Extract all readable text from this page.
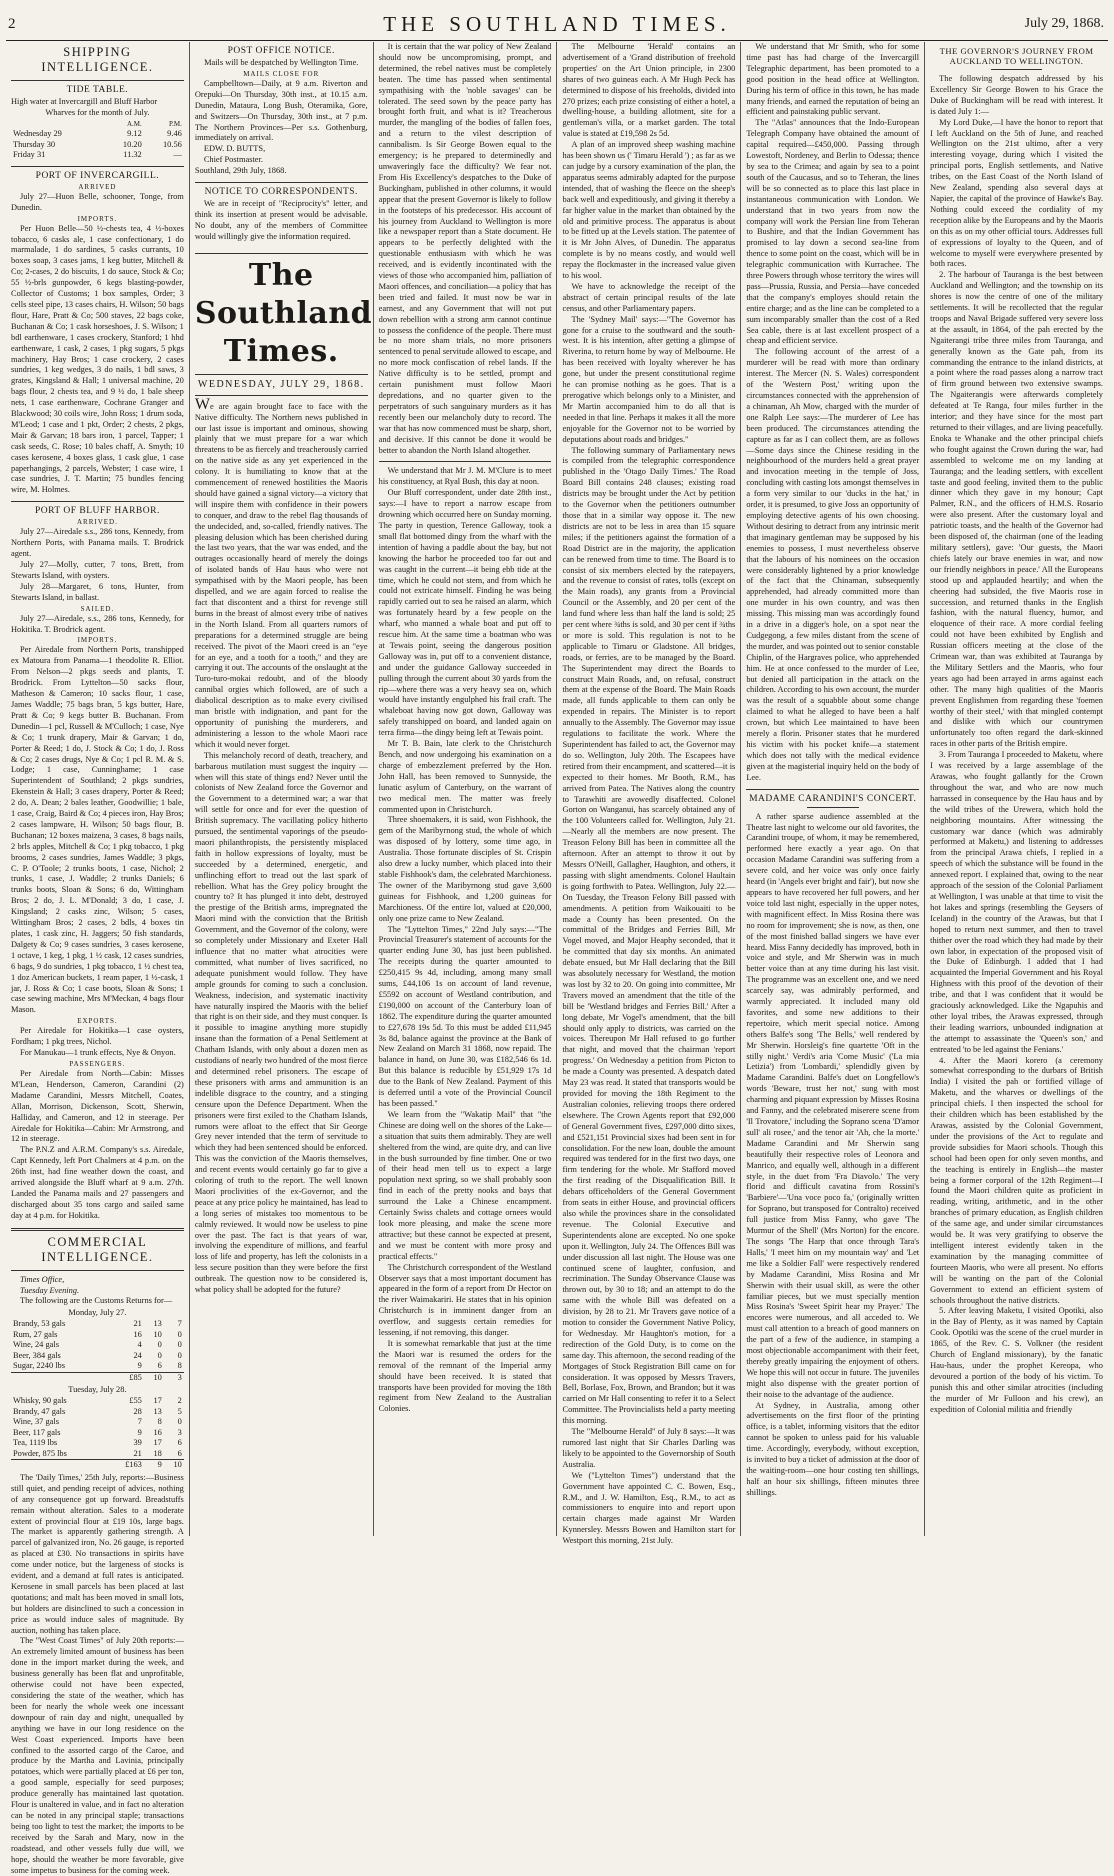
2	THE SOUTHLAND TIMES.	July 29, 1868.
SHIPPING INTELLIGENCE.
TIDE TABLE.

High water at Invercargill and Bluff Harbor

Wharves for the month of July.

	A.M.	P.M.
Wednesday 29	9.12	9.46
Thursday 30	10.20	10.56
Friday 31	11.32	—
PORT OF INVERCARGILL.
ARRIVED

July 27—Huon Belle, schooner, Tonge, from Dunedin.

IMPORTS.

Per Huon Belle—50 ½-chests tea, 4 ½-boxes tobacco, 6 casks ale, 1 case confectionary, 1 do marmalade, 1 do sardines, 5 casks currants, 10 boxes soap, 3 cases jams, 1 keg butter, Mitchell & Co; 2-cases, 2 do biscuits, 1 do sauce, Stock & Co; 55 ½-brls gunpowder, 6 kegs blasting-powder, Collector of Customs; 1 box samples, Order; 3 cells steel pipe, 13 cases chairs, H. Wilson; 50 bags flour, Hare, Pratt & Co; 500 staves, 22 bags coke, Buchanan & Co; 1 cask horseshoes, J. S. Wilson; 1 bdl earthenware, 1 cases crockery, Stanford; 1 hhd earthenware, 1 cask, 2 cases, 1 pkg sugars, 5 pkgs machinery, Hay Bros; 1 case crockery, 2 cases sundries, 1 keg wedges, 3 do nails, 1 bdl saws, 3 grates, Kingsland & Hall; 1 universal machine, 20 bags flour, 2 chests tea, and 9 ½ do, 1 bale sheep nets, 1 case earthenware, Cochrane Granger and Blackwood; 30 coils wire, John Ross; 1 drum soda, M'Leod; 1 case and 1 pkt, Order; 2 chests, 2 pkgs, Mair & Garvan; 18 bars iron, 1 parcel, Tapper; 1 cask seeds, C. Rose; 10 bales chaff, A. Smyth; 10 cases kerosene, 4 boxes glass, 1 cask glue, 1 case paperhangings, 2 parcels, Webster; 1 case wire, 1 case sundries, J. T. Martin; 75 bundles fencing wire, M. Holmes.

PORT OF BLUFF HARBOR.
ARRIVED.

July 27—Airedale s.s., 286 tons, Kennedy, from Northern Ports, with Panama mails. T. Brodrick agent.

July 27—Molly, cutter, 7 tons, Brett, from Stewarts Island, with oysters.

July 28—Margaret, 6 tons, Hunter, from Stewarts Island, in ballast.

SAILED.

July 27—Airedale, s.s., 286 tons, Kennedy, for Hokitika. T. Brodrick agent.

IMPORTS.

Per Airedale from Northern Ports, transhipped ex Matoura from Panama—1 theodolite R. Elliot. From Nelson—2 pkgs seeds and plants, T. Brodrick. From Lyttelton—50 sacks flour, Matheson & Cameron; 10 sacks flour, 1 case, James Waddle; 75 bags bran, 5 kgs butter, Hare, Pratt & Co; 9 kegs butter B. Buchanan. From Dunedin—1 pcl, Russell & M'Culloch; 1 case, Nye & Co; 1 trunk drapery, Mair & Garvan; 1 do, Porter & Reed; 1 do, J. Stock & Co; 1 do, J. Ross & Co; 2 cases drugs, Nye & Co; 1 pcl R. M. & S. Lodge; 1 case, Cunninghame; 1 case Superintendent of Southland; 2 pkgs sundries, Ekenstein & Hall; 3 cases drapery, Porter & Reed; 2 do, A. Dean; 2 bales leather, Goodwillie; 1 bale, 1 case, Craig, Baird & Co; 4 pieces iron, Hay Bros; 2 cases lampware, H. Wilson; 50 bags flour, B. Buchanan; 12 boxes maizena, 3 cases, 8 bags nails, 2 brls apples, Mitchell & Co; 1 pkg tobacco, 1 pkg brooms, 2 cases sundries, James Waddle; 3 pkgs, C. P. O'Toole; 2 trunks boots, 1 case, Nichol; 2 trunks, 1 case, J. Waddle; 2 trunks Daniels; 6 trunks boots, Sloan & Sons; 6 do, Wittingham Bros; 2 do, J. L. M'Donald; 3 do, 1 case, J. Kingsland; 2 casks zinc, Wilson; 5 cases, Wittingham Bros; 2 cases, 2 bdls, 4 boxes tin plates, 1 cask zinc, H. Jaggers; 50 fish standards, Dalgety & Co; 9 cases sundries, 3 cases kerosene, 1 octave, 1 keg, 1 pkg, 1 ½ cask, 12 cases sundries, 6 bags, 9 do sundries, 1 pkg tobacco, 1 ½ chest tea, 1 doz American buckets, 1 ream paper, 1 ½-cask, 1 jar, J. Ross & Co; 1 case boots, Sloan & Sons; 1 case sewing machine, Mrs M'Meckan, 4 bags flour Mason.

EXPORTS.

Per Airedale for Hokitika—1 case oysters, Fordham; 1 pkg trees, Nichol.

For Manukau—1 trunk effects, Nye & Onyon.

PASSENGERS.

Per Airedale from North—Cabin: Misses M'Lean, Henderson, Cameron, Carandini (2) Madame Carandini, Messrs Mitchell, Coates, Allan, Morrison, Dickenson, Scott, Sherwin, Halliday, and Cameron, and 12 in steerage. Per Airedale for Hokitika—Cabin: Mr Armstrong, and 12 in steerage.

The P.N.Z and A.R.M. Company's s.s. Airedale, Capt Kennedy, left Port Chalmers at 4 p.m. on the 26th inst, had fine weather down the coast, and arrived alongside the Bluff wharf at 9 a.m. 27th. Landed the Panama mails and 27 passengers and discharged about 35 tons cargo and sailed same day at 4 p.m. for Hokitika.

COMMERCIAL INTELLIGENCE.

Times Office,

Tuesday Evening.

The following are the Customs Returns for—

Monday, July 27.
Brandy, 53 gals	21	13	7
Rum, 27 gals	16	10	0
Wine, 24 gals	4	0	0
Beer, 384 gals	24	0	0
Sugar, 2240 lbs	9	6	8
	£85	10	3
Tuesday, July 28.
Whisky, 90 gals	£55	17	2
Brandy, 47 gals	28	13	5
Wine, 37 gals	7	8	0
Beer, 117 gals	9	16	3
Tea, 1119 lbs	39	17	6
Powder, 875 lbs	21	18	6
	£163	9	10

The 'Daily Times,' 25th July, reports:—Business still quiet, and pending receipt of advices, nothing of any consequence got up forward. Breadstuffs remain without alteration. Sales to a moderate extent of provincial flour at £19 10s, large bags. The market is apparently gathering strength. A parcel of galvanized iron, No. 26 gauge, is reported as placed at £30. No transactions in spirits have come under notice, but the largeness of stocks is evident, and a demand at full rates is anticipated. Kerosene in small parcels has been placed at last quotations; and malt has been moved in small lots, but holders are disinclined to such a concession in price as would induce sales of magnitude. By auction, nothing has taken place.

The "West Coast Times" of July 20th reports:—An extremely limited amount of business has been done in the import market during the week, and business generally has been flat and unprofitable, otherwise could not have been expected, considering the state of the weather, which has been for nearly the whole week one incessant downpour of rain day and night, unequalled by anything we have in our long residence on the West Coast experienced. Imports have been confined to the assorted cargo of the Caroe, and produce by the Martha and Lavinia, principally potatoes, which were partially placed at £6 per ton, a good sample, especially for seed purposes; produce generally has maintained last quotation. Flour is unaltered in value, and in fact no alteration can be noted in any principal staple; transactions being too light to test the market; the imports to be received by the Sarah and Mary, now in the roadstead, and other vessels fully due will, we hope, should the weather be more favorable, give some impetus to business for the coming week.

POST OFFICE NOTICE.

Mails will be despatched by Wellington Time.

MAILS CLOSE FOR

Campbelltown—Daily, at 9 a.m. Riverton and Orepuki—On Thursday, 30th inst., at 10.15 a.m. Dunedin, Mataura, Long Bush, Oteramika, Gore, and Switzers—On Thursday, 30th inst., at 7 p.m. The Northern Provinces—Per s.s. Gothenburg, immediately on arrival.

EDW. D. BUTTS,

Chief Postmaster.

Southland, 29th July, 1868.

NOTICE TO CORRESPONDENTS.

We are in receipt of "Reciprocity's" letter, and think its insertion at present would be advisable. No doubt, any of the members of Committee would willingly give the information required.

The Southland Times.
WEDNESDAY, JULY 29, 1868.

We are again brought face to face with the Native difficulty. The Northern news published in our last issue is important and ominous, showing plainly that we must prepare for a war which threatens to be as fiercely and treacherously carried on the native side as any yet experienced in the colony. It is humiliating to know that at the commencement of renewed hostilities the Maoris should have gained a signal victory—a victory that will inspire them with confidence in their powers to conquer, and draw to the rebel flag thousands of the undecided, and, so-called, friendly natives. The pleasing delusion which has been cherished during the last two years, that the war was ended, and the outrages occasionally heard of merely the doings of isolated bands of Hau haus who were not sympathised with by the Maori people, has been dispelled, and we are again forced to realise the fact that discontent and a thirst for revenge still burns in the breast of almost every tribe of natives in the North Island. From all quarters rumors of preparations for a determined struggle are being received. The pivot of the Maori creed is an "eye for an eye, and a tooth for a tooth," and they are carrying it out. The accounts of the onslaught at the Turo-turo-mokai redoubt, and of the bloody cannibal orgies which followed, are of such a diabolical description as to make every civilised man bristle with indignation, and pant for the opportunity of punishing the murderers, and administering a lesson to the whole Maori race which it would never forget.

This melancholy record of death, treachery, and barbarous mutilation must suggest the inquiry —when will this state of things end? Never until the colonists of New Zealand force the Governor and the Government to a determined war; a war that will settle for once and for ever the question of British supremacy. The vacillating policy hitherto pursued, the sentimental vaporings of the pseudo-maori philanthropists, the persistently misplaced faith in hollow expressions of loyalty, must be succeeded by a determined, energetic, and unflinching effort to tread out the last spark of rebellion. What has the Grey policy brought the country to? It has plunged it into debt, destroyed the prestige of the British arms, impregnated the Maori mind with the conviction that the British Government, and the Governor of the colony, were so completely under Missionary and Exeter Hall influence that no matter what atrocities were committed, what number of lives sacrificed, no adequate punishment would follow. They have ample grounds for coming to such a conclusion. Weakness, indecision, and systematic inactivity have naturally inspired the Maoris with the belief that right is on their side, and they must conquer. Is it possible to imagine anything more stupidly insane than the formation of a Penal Settlement at Chatham Islands, with only about a dozen men as custodians of nearly two hundred of the most fierce and determined rebel prisoners. The escape of these prisoners with arms and ammunition is an indelible disgrace to the country, and a stinging censure upon the Defence Department. When the prisoners were first exiled to the Chatham Islands, rumors were afloat to the effect that Sir George Grey never intended that the term of servitude to which they had been sentenced should be enforced. This was the conviction of the Maoris themselves, and recent events would certainly go far to give a coloring of truth to the report. The well known Maori proclivities of the ex-Governor, and the peace at any price policy he maintained, has lead to a long series of mistakes too momentous to be calmly reviewed. It would now be useless to pine over the past. The fact is that years of war, involving the expenditure of millions, and fearful loss of life and property, has left the colonists in a less secure position than they were before the first outbreak. The question now to be considered is, what policy shall be adopted for the future?

It is certain that the war policy of New Zealand should now be uncompromising, prompt, and determined, the rebel natives must be completely beaten. The time has passed when sentimental sympathising with the 'noble savages' can be tolerated. The seed sown by the peace party has brought forth fruit, and what is it? Treacherous murder, the mangling of the bodies of fallen foes, and a return to the vilest description of cannibalism. Is Sir George Bowen equal to the emergency; is he prepared to determinedly and unwaveringly face the difficulty? We fear not. From His Excellency's despatches to the Duke of Buckingham, published in other columns, it would appear that the present Governor is likely to follow in the footsteps of his predecessor. His account of his journey from Auckland to Wellington is more like a newspaper report than a State document. He appears to be perfectly delighted with the questionable enthusiasm with which he was received, and is evidently incontinated with the views of those who accompanied him, palliation of Maori offences, and conciliation—a policy that has been tried and failed. It must now be war in earnest, and any Government that will not put down rebellion with a strong arm cannot continue to possess the confidence of the people. There must be no more sham trials, no more prisoners sentenced to penal servitude allowed to escape, and no more mock confiscation of rebel lands. If the Native difficulty is to be settled, prompt and certain punishment must follow Maori depredations, and no quarter given to the perpetrators of such sanguinary murders as it has recently been our melancholy duty to record. The war that has now commenced must be sharp, short, and decisive. If this cannot be done it would be better to abandon the North Island altogether.

We understand that Mr J. M. M'Clure is to meet his constituency, at Ryal Bush, this day at noon.

Our Bluff correspondent, under date 28th inst., says:—I have to report a narrow escape from drowning which occurred here on Sunday morning. The party in question, Terence Galloway, took a small flat bottomed dingy from the wharf with the intention of having a paddle about the bay, but not knowing the harbor he proceeded too far out and was caught in the current—it being ebb tide at the time, which he could not stem, and from which he could not extricate himself. Finding he was being rapidly carried out to sea he raised an alarm, which was fortunately heard by a few people on the wharf, who manned a whale boat and put off to rescue him. At the same time a boatman who was at Tewais point, seeing the dangerous position Galloway was in, put off to a convenient distance, and under the guidance Galloway succeeded in pulling through the current about 30 yards from the rip—where there was a very heavy sea on, which would have instantly engulphed his frail craft. The whaleboat having now got down, Galloway was safely transhipped on board, and landed again on terra firma—the dingy being left at Tewais point.

Mr T. B. Bain, late clerk to the Christchurch Bench, and now undergoing his examination on a charge of embezzlement preferred by the Hon. John Hall, has been removed to Sunnyside, the lunatic asylum of Canterbury, on the warrant of two medical men. The matter was freely commented upon in Christchurch.

Three shoemakers, it is said, won Fishhook, the gem of the Maribyrnong stud, the whole of which was disposed of by lottery, some time ago, in Australia. Those fortunate disciples of St. Crispin also drew a lucky number, which placed into their stable Fishhook's dam, the celebrated Marchioness. The owner of the Maribyrnong stud gave 3,600 guineas for Fishhook, and 1,200 guineas for Marchioness. Of the entire lot, valued at £20,000, only one prize came to New Zealand.

The "Lyttelton Times," 22nd July says:—"The Provincial Treasurer's statement of accounts for the quarter ending June 30, has just been published. The receipts during the quarter amounted to £250,415 9s 4d, including, among many small sums, £44,106 1s on account of land revenue, £5592 on account of Westland contribution, and £190,000 on account of the Canterbury loan of 1862. The expenditure during the quarter amounted to £27,678 19s 5d. To this must be added £11,945 3s 8d, balance against the province at the Bank of New Zealand on March 31 1868, now repaid. The balance in hand, on June 30, was £182,546 6s 1d. But this balance is reducible by £51,929 17s 1d due to the Bank of New Zealand. Payment of this is deferred until a vote of the Provincial Council has been passed."

We learn from the "Wakatip Mail" that "the Chinese are doing well on the shores of the Lake—a situation that suits them admirably. They are well sheltered from the wind, are quite dry, and can live in the bush surrounded by fine timber. One or two of their head men tell us to expect a large population next spring, so we shall probably soon find in each of the pretty nooks and bays that surround the Lake a Chinese encampment. Certainly Swiss chalets and cottage ornees would look more pleasing, and make the scene more attractive; but these cannot be expected at present, and we must be content with more prosy and practical effects."

The Christchurch correspondent of the Westland Observer says that a most important document has appeared in the form of a report from Dr Hector on the river Waimakariri. He states that in his opinion Christchurch is in imminent danger from an overflow, and suggests certain remedies for lessening, if not removing, this danger.

It is somewhat remarkable that just at the time the Maori war is resumed the orders for the removal of the remnant of the Imperial army should have been received. It is stated that transports have been provided for moving the 18th regiment from New Zealand to the Australian Colonies.

The Melbourne 'Herald' contains an advertisement of a 'Grand distribution of freehold properties' on the Art Union principle, in 2300 shares of two guineas each. A Mr Hugh Peck has determined to dispose of his freeholds, divided into 270 prizes; each prize consisting of either a hotel, a dwelling-house, a building allotment, site for a gentleman's villa, or a market garden. The total value is stated at £19,598 2s 5d.

A plan of an improved sheep washing machine has been shown us (' Timaru Herald ') ; as far as we can judge by a cursory examination of the plan, the apparatus seems admirably adapted for the purpose intended, that of washing the fleece on the sheep's back well and expeditiously, and giving it thereby a far higher value in the market than obtained by the old and primitive process. The apparatus is about to be fitted up at the Levels station. The patentee of it is Mr John Alves, of Dunedin. The apparatus complete is by no means costly, and would well repay the flockmaster in the increased value given to his wool.

We have to acknowledge the receipt of the abstract of certain principal results of the late census, and other Parliamentary papers.

The 'Sydney Mail' says:—"The Governor has gone for a cruise to the southward and the south-west. It is his intention, after getting a glimpse of Riverina, to return home by way of Melbourne. He has been received with loyalty wherever he has gone, but under the present constitutional regime he can promise nothing as he goes. That is a prerogative which belongs only to a Minister, and Mr Martin accompanied him to do all that is needed in that line. Perhaps it makes it all the more enjoyable for the Governor not to be worried by deputations about roads and bridges."

The following summary of Parliamentary news is compiled from the telegraphic correspondence published in the 'Otago Daily Times.' The Road Board Bill contains 248 clauses; existing road districts may be brought under the Act by petition to the Governor when the petitioners outnumber those that in a similar way oppose it. The new districts are not to be less in area than 15 square miles; if the petitioners against the formation of a Road District are in the majority, the application can be renewed from time to time. The Board is to consist of six members elected by the ratepayers, and the revenue to consist of rates, tolls (except on the Main roads), any grants from a Provincial Council or the Assembly, and 20 per cent of the land fund where less than half the land is sold; 25 per cent where ¾ths is sold, and 30 per cent if ¾ths or more is sold. This regulation is not to be applicable to Timaru or Gladstone. All bridges, roads, or ferries, are to be managed by the Board. The Superintendent may direct the Boards to construct Main Roads, and, on refusal, construct them at the expense of the Board. The Main Roads made, all funds applicable to them can only be expended in repairs. The Minister is to report annually to the Assembly. The Governor may issue regulations to facilitate the work. Where the Superintendent has failed to act, the Governor may do so. Wellington, July 20th. The Escapees have retired from their encampment, and scattered—it is expected to their homes. Mr Booth, R.M., has arrived from Patea. The Natives along the country to Tarawhiti are avowedly disaffected. Colonel Gorton on Wanganui, has scarcely obtained any of the 100 Volunteers called for. Wellington, July 21.—Nearly all the members are now present. The Treason Felony Bill has been in committee all the afternoon. After an attempt to throw it out by Messrs O'Neill, Gallagher, Haughton, and others, it passing with slight amendments. Colonel Haultain is going forthwith to Patea. Wellington, July 22.—On Tuesday, the Treason Felony Bill passed with amendments. A petition from Waikouaiti to be made a County has been presented. On the committal of the Bridges and Ferries Bill, Mr Vogel moved, and Major Heaphy seconded, that it be committed that day six months. An animated debate ensued, but Mr Hall declaring that the Bill was absolutely necessary for Westland, the motion was lost by 32 to 20. On going into committee, Mr Travers moved an amendment that the title of the bill be 'Westland bridges and Ferries Bill.' After a long debate, Mr Vogel's amendment, that the bill should only apply to districts, was carried on the voices. Thereupon Mr Hall refused to go further that night, and moved that the chairman 'report progress.' On Wednesday a petition from Picton to be made a County was presented. A despatch dated May 23 was read. It stated that transports would be provided for moving the 18th Regiment to the Australian colonies, relieving troops there ordered elsewhere. The Crown Agents report that £92,000 of General Government fives, £297,000 ditto sixes, and £521,151 Provincial sixes had been sent in for consolidation. For the new loan, double the amount required was tendered for in the first two days, one firm tendering for the whole. Mr Stafford moved the first reading of the Disqualification Bill. It debars officeholders of the General Government from seats in either House, and provincial officers also while the provinces share in the consolidated revenue. The Colonial Executive and Superintendents alone are excepted. No one spoke upon it. Wellington, July 24. The Offences Bill was under discussion all last night. The House was one continued scene of laughter, confusion, and recrimination. The Sunday Observance Clause was thrown out, by 30 to 18; and an attempt to do the same with the whole Bill was defeated on a division, by 28 to 21. Mr Travers gave notice of a motion to consider the Government Native Policy, for Wednesday. Mr Haughton's motion, for a redirection of the Gold Duty, is to come on the same day. This afternoon, the second reading of the Mortgages of Stock Registration Bill came on for consideration. It was opposed by Messrs Travers, Bell, Borlase, Fox, Brown, and Brandon; but it was carried on Mr Hall consenting to refer it to a Select Committee. The Provincialists held a party meeting this morning.

The "Melbourne Herald" of July 8 says:—It was rumored last night that Sir Charles Darling was likely to be appointed to the Governorship of South Australia.

We ("Lyttelton Times") understand that the Government have appointed C. C. Bowen, Esq., R.M., and J. W. Hamilton, Esq., R.M., to act as commissioners to enquire into and report upon certain charges made against Mr Warden Kynnersley. Messrs Bowen and Hamilton start for Westport this morning, 21st July.

We understand that Mr Smith, who for some time past has had charge of the Invercargill Telegraphic department, has been promoted to a good position in the head office at Wellington. During his term of office in this town, he has made many friends, and earned the reputation of being an efficient and painstaking public servant.

The "Atlas" announces that the Indo-European Telegraph Company have obtained the amount of capital required—£450,000. Passing through Lowestoft, Nordeney, and Berlin to Odessa; thence by sea to the Crimea; and again by sea to a point south of the Caucasus, and so to Teheran, the lines will be so connected as to place this last place in instantaneous communication with London. We understand that in two years from now the company will work the Persian line from Teheran to Bushire, and that the Indian Government has promised to lay down a second sea-line from thence to some point on the coast, which will be in telegraphic communication with Kurrachee. The three Powers through whose territory the wires will pass—Prussia, Russia, and Persia—have conceded that the company's employes should retain the entire charge; and as the line can be completed to a sum incomparably smaller than the cost of a Red Sea cable, there is at last excellent prospect of a cheap and efficient service.

The following account of the arrest of a murderer will be read with more than ordinary interest. The Mercer (N. S. Wales) correspondent of the 'Western Post,' writing upon the circumstances connected with the apprehension of a chinaman, Ah Mow, charged with the murder of one Ralph Lee says:—The murderer of Lee has been produced. The circumstances attending the capture as far as I can collect them, are as follows—Some days since the Chinese residing in the neighbourhood of the murders held a great prayer and invocation meeting in the temple of Joss, concluding with casting lots amongst themselves in a form very similar to our 'ducks in the hat,' in order, it is presumed, to give Joss an opportunity of employing detective agents of his own choosing. Without desiring to detract from any intrinsic merit that imaginary gentleman may be supposed by his enemies to possess, I must nevertheless observe that the labours of his nominees on the occasion were considerably lightened by a prior knowledge of the fact that the Chinaman, subsequently apprehended, had already committed more than one murder in his own country, and was then missing. This missing man was accordingly found in a drive in a digger's hole, on a spot near the Cudgegong, a few miles distant from the scene of the murder, and was pointed out to senior constable Chiplin, of the Hargraves police, who apprehended him. He at once confessed to the murder of Lee, but denied all participation in the attack on the children. According to his own account, the murder was the result of a squabble about some change claimed to what he alleged to have been a half crown, but which Lee maintained to have been merely a florin. Prisoner states that he murdered his victim with his pocket knife—a statement which does not tally with the medical evidence given at the magisterial inquiry held on the body of Lee.

MADAME CARANDINI'S CONCERT.

A rather sparse audience assembled at the Theatre last night to welcome our old favorites, the Carandini troupe, of whom, it may be remembered, performed here exactly a year ago. On that occasion Madame Carandini was suffering from a severe cold, and her voice was only once fairly heard (in 'Angels ever bright and fair'), but now she appears to have recovered her full powers, and her voice told last night, especially in the upper notes, with magnificent effect. In Miss Rosina there was no room for improvement; she is now, as then, one of the most finished ballad singers we have ever heard. Miss Fanny decidedly has improved, both in voice and style, and Mr Sherwin was in much better voice than at any time during his last visit. The programme was an excellent one, and we need scarcely say, was admirably performed, and warmly appreciated. It included many old favorites, and some new additions to their repertoire, which merit special notice. Among others Balfe's song 'The Bells,' well rendered by Mr Sherwin. Horsleig's fine quartette 'Oft in the stilly night.' Verdi's aria 'Come Music' ('La mia Letizia') from 'Lombardi,' splendidly given by Madame Carandini. Balfe's duet on Longfellow's words 'Beware, trust her not,' sung with most charming and piquant expression by Misses Rosina and Fanny, and the celebrated miserere scene from 'Il Trovatore,' including the Soprano scena 'D'amor sull' ali rosee,' and the tenor air 'Ah, che la morte.' Madame Carandini and Mr Sherwin sang beautifully their respective roles of Leonora and Manrico, and equally well, although in a different style, in the duet from 'Fra Diavolo.' The very florid and difficult cavatina from Rossini's 'Barbiere'—'Una voce poco fa,' (originally written for Soprano, but transposed for Contralto) received full justice from Miss Fanny, who gave 'The Murmur of the Shell' (Mrs Norton) for the encore. The songs 'The Harp that once through Tara's Halls,' 'I meet him on my mountain way' and 'Let me like a Soldier Fall' were respectively rendered by Madame Carandini, Miss Rosina and Mr Sherwin with their usual skill, as were the other familiar pieces, but we must specially mention Miss Rosina's 'Sweet Spirit hear my Prayer.' The encores were numerous, and all acceded to. We must call attention to a breach of good manners on the part of a few of the audience, in stamping a most objectionable accompaniment with their feet, thereby greatly impairing the enjoyment of others. We hope this will not occur in future. The juveniles might also dispense with the greater portion of their noise to the advantage of the audience.

At Sydney, in Australia, among other advertisements on the first floor of the printing office, is a tablet, informing visitors that the editor cannot be spoken to unless paid for his valuable time. Accordingly, everybody, without exception, is invited to buy a ticket of admission at the door of the waiting-room—one hour costing ten shillings, half an hour six shillings, fifteen minutes three shillings.

THE GOVERNOR'S JOURNEY FROM AUCKLAND TO WELLINGTON.

The following despatch addressed by his Excellency Sir George Bowen to his Grace the Duke of Buckingham will be read with interest. It is dated July 1:—

My Lord Duke,—I have the honor to report that I left Auckland on the 5th of June, and reached Wellington on the 21st ultimo, after a very interesting voyage, during which I visited the principal ports, English settlements, and Native tribes, on the East Coast of the North Island of New Zealand, spending also several days at Napier, the capital of the province of Hawke's Bay. Nothing could exceed the cordiality of my reception alike by the Europeans and by the Maoris on this as on my other official tours. Addresses full of expressions of loyalty to the Queen, and of welcome to myself were everywhere presented by both races.

2. The harbour of Tauranga is the best between Auckland and Wellington; and the township on its shores is now the centre of one of the military settlements. It will be recollected that the regular troops and Naval Brigade suffered very severe loss at the assault, in 1864, of the pah erected by the Ngaiterangi tribe three miles from Tauranga, and generally known as the Gate pah, from its commanding the entrance to the inland districts, at a point where the road passes along a narrow tract of firm ground between two extensive swamps. The Ngaiterangis were afterwards completely defeated at Te Ranga, four miles further in the interior; and they have since for the most part returned to their villages, and are living peacefully. Enoka te Whanake and the other principal chiefs who fought against the Crown during the war, had assembled to welcome me on my landing at Tauranga; and the leading settlers, with excellent taste and good feeling, invited them to the public dinner which they gave in my honour; Capt Palmer, R.N., and the officers of H.M.S. Rosario were also present. After the customary loyal and patriotic toasts, and the health of the Governor had been disposed of, the chairman (one of the leading military settlers), gave: 'Our guests, the Maori chiefs lately our brave enemies in war, and now our friendly neighbors in peace.' All the Europeans stood up and applauded heartily; and when the cheering had subsided, the five Maoris rose in succession, and returned thanks in the English fashion, with the natural fluency, humor, and eloquence of their race. A more cordial feeling could not have been exhibited by English and Russian officers meeting at the close of the Crimean war, than was exhibited at Tauranga by the Military Settlers and the Maoris, who four years ago had been arrayed in arms against each other. The many high qualities of the Maoris prevent Englishmen from regarding these 'foemen worthy of their steel,' with that mingled contempt and dislike with which our countrymen unfortunately too often regard the dark-skinned races in other parts of the British empire.

3. From Tauranga I proceeded to Maketu, where I was received by a large assemblage of the Arawas, who fought gallantly for the Crown throughout the war, and who are now much harrassed in consequence by the Hau haus and by the wild tribes of the Urewera, which hold the neighboring mountains. After witnessing the customary war dance (which was admirably performed at Maketu,) and listening to addresses from the principal Arawa chiefs, I replied in a speech of which the substance will be found in the annexed report. I explained that, owing to the near approach of the session of the Colonial Parliament at Wellington, I was unable at that time to visit the hot lakes and springs (resembling the Geysers of Iceland) in the country of the Arawas, but that I hoped to return next summer, and then to travel thither over the road which they had made by their own labor, in expectation of the proposed visit of the Duke of Edinburgh. I added that I had acquainted the Imperial Government and his Royal Highness with this proof of the devotion of their tribe, and that I was confident that it would be graciously acknowledged. Like the Ngapuhis and other loyal tribes, the Arawas expressed, through their leading warriors, unbounded indignation at the attempt to assassinate the 'Queen's son,' and entreated 'to be led against the Fenians.'

4. After the Maori korero (a ceremony somewhat corresponding to the durbars of British India) I visited the pah or fortified village of Maketu, and the wharves or dwellings of the principal chiefs. I then inspected the school for their children which has been established by the Arawas, assisted by the Colonial Government, under the provisions of the Act to regulate and provide subsidies for Maori schools. Though this school had been open for only seven months, and the teaching is entirely in English—the master being a former corporal of the 12th Regiment—I found the Maori children quite as proficient in reading, writing, arithmetic, and in the other branches of primary education, as English children of the same age, and under similar circumstances would be. It was very gratifying to observe the intelligent interest evidently taken in the examination by the managing committee of fourteen Maoris, who were all present. No efforts will be wanting on the part of the Colonial Government to extend an efficient system of schools throughout the native districts.

5. After leaving Maketu, I visited Opotiki, also in the Bay of Plenty, as it was named by Captain Cook. Opotiki was the scene of the cruel murder in 1865, of the Rev. C. S. Volkner (the resident Church of England missionary), by the fanatic Hau-haus, under the prophet Kereopa, who devoured a portion of the body of his victim. To punish this and other similar atrocities (including the murder of Mr Fulloon and his crew), an expedition of Colonial militia and friendly
